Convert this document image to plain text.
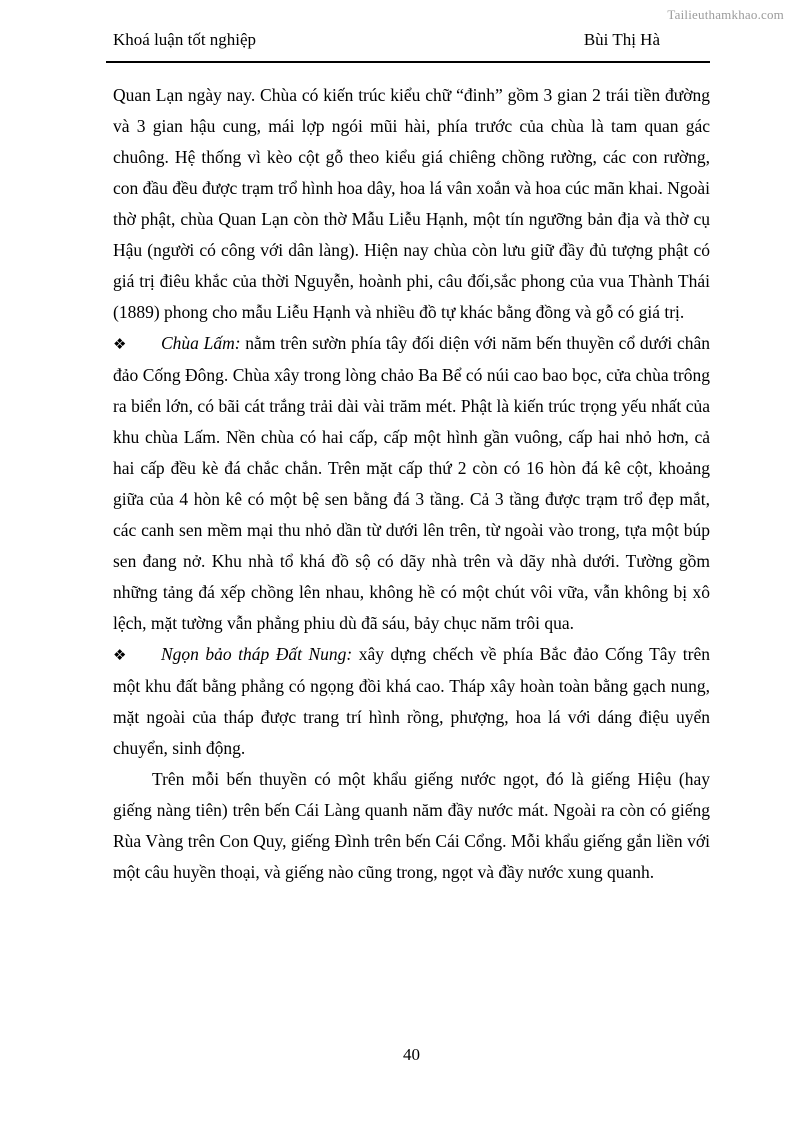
Tailieuthamkhao.com
Khoá luận tốt nghiệp	Bùi Thị Hà

Quan Lạn ngày nay. Chùa có kiến trúc kiểu chữ “đinh” gồm 3 gian 2 trái tiền đường và 3 gian hậu cung, mái lợp ngói mũi hài, phía trước của chùa là tam quan gác chuông. Hệ thống vì kèo cột gỗ theo kiểu giá chiêng chồng rường, các con rường, con đầu đều được trạm trổ hình hoa dây, hoa lá vân xoắn và hoa cúc mãn khai. Ngoài thờ phật, chùa Quan Lạn còn thờ Mẫu Liễu Hạnh, một tín ngưỡng bản địa và thờ cụ Hậu (người có công với dân làng). Hiện nay chùa còn lưu giữ đầy đủ tượng phật có giá trị điêu khắc của thời Nguyễn, hoành phi, câu đối,sắc phong của vua Thành Thái (1889) phong cho mẫu Liễu Hạnh và nhiều đồ tự khác bằng đồng và gỗ có giá trị.

❖ Chùa Lấm: nằm trên sườn phía tây đối diện với năm bến thuyền cổ dưới chân đảo Cống Đông. Chùa xây trong lòng chảo Ba Bể có núi cao bao bọc, cửa chùa trông ra biển lớn, có bãi cát trắng trải dài vài trăm mét. Phật là kiến trúc trọng yếu nhất của khu chùa Lấm. Nền chùa có hai cấp, cấp một hình gần vuông, cấp hai nhỏ hơn, cả hai cấp đều kè đá chắc chắn. Trên mặt cấp thứ 2 còn có 16 hòn đá kê cột, khoảng giữa của 4 hòn kê có một bệ sen bằng đá 3 tầng. Cả 3 tầng được trạm trổ đẹp mắt, các canh sen mềm mại thu nhỏ dần từ dưới lên trên, từ ngoài vào trong, tựa một búp sen đang nở. Khu nhà tổ khá đồ sộ có dãy nhà trên và dãy nhà dưới. Tường gồm những tảng đá xếp chồng lên nhau, không hề có một chút vôi vữa, vẫn không bị xô lệch, mặt tường vẫn phẳng phiu dù đã sáu, bảy chục năm trôi qua.

❖ Ngọn bảo tháp Đất Nung: xây dựng chếch về phía Bắc đảo Cống Tây trên một khu đất bằng phẳng có ngọng đồi khá cao. Tháp xây hoàn toàn bằng gạch nung, mặt ngoài của tháp được trang trí hình rồng, phượng, hoa lá với dáng điệu uyển chuyển, sinh động.

Trên mỗi bến thuyền có một khẩu giếng nước ngọt, đó là giếng Hiệu (hay giếng nàng tiên) trên bến Cái Làng quanh năm đầy nước mát. Ngoài ra còn có giếng Rùa Vàng trên Con Quy, giếng Đình trên bến Cái Cổng. Mỗi khẩu giếng gắn liền với một câu huyền thoại, và giếng nào cũng trong, ngọt và đầy nước xung quanh.

40
